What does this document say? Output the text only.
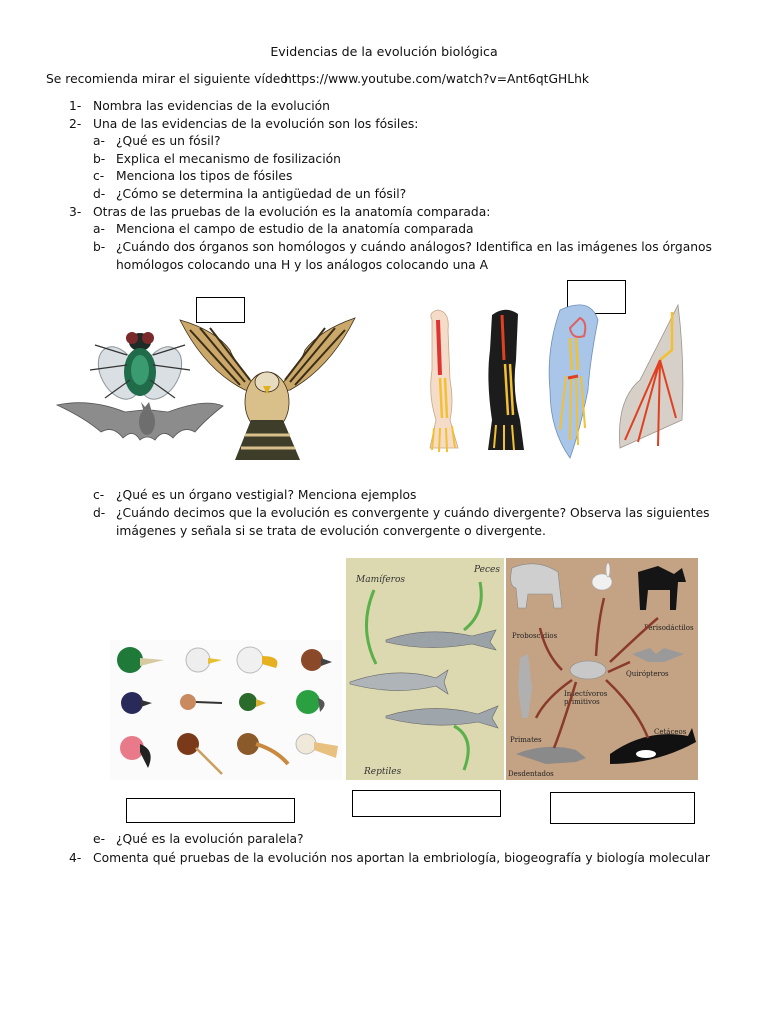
Evidencias de la evolución biológica
Se recomienda mirar el siguiente vídeo
https://www.youtube.com/watch?v=Ant6qtGHLhk
1- Nombra las evidencias de la evolución
2- Una de las evidencias de la evolución son los fósiles:
a- ¿Qué es un fósil?
b- Explica el mecanismo de fosilización
c- Menciona los tipos de fósiles
d- ¿Cómo se determina la antigüedad de un fósil?
3- Otras de las pruebas de la evolución es la anatomía comparada:
a- Menciona el campo de estudio de la anatomía comparada
b- ¿Cuándo dos órganos son homólogos y cuándo análogos? Identifica en las imágenes los órganos
homólogos colocando una H y los análogos colocando una A
c- ¿Qué es un órgano vestigial? Menciona ejemplos
d- ¿Cuándo decimos que la evolución es convergente y cuándo divergente? Observa las siguientes
imágenes y señala si se trata de evolución convergente o divergente.
Mamíferos
Peces
Reptiles
Proboscídios
Perisodáctilos
Quirópteros
Insectívoros primitivos
Primates
Cetáceos
Desdentados
e- ¿Qué es la evolución paralela?
4- Comenta qué pruebas de la evolución nos aportan la embriología, biogeografía y biología molecular
